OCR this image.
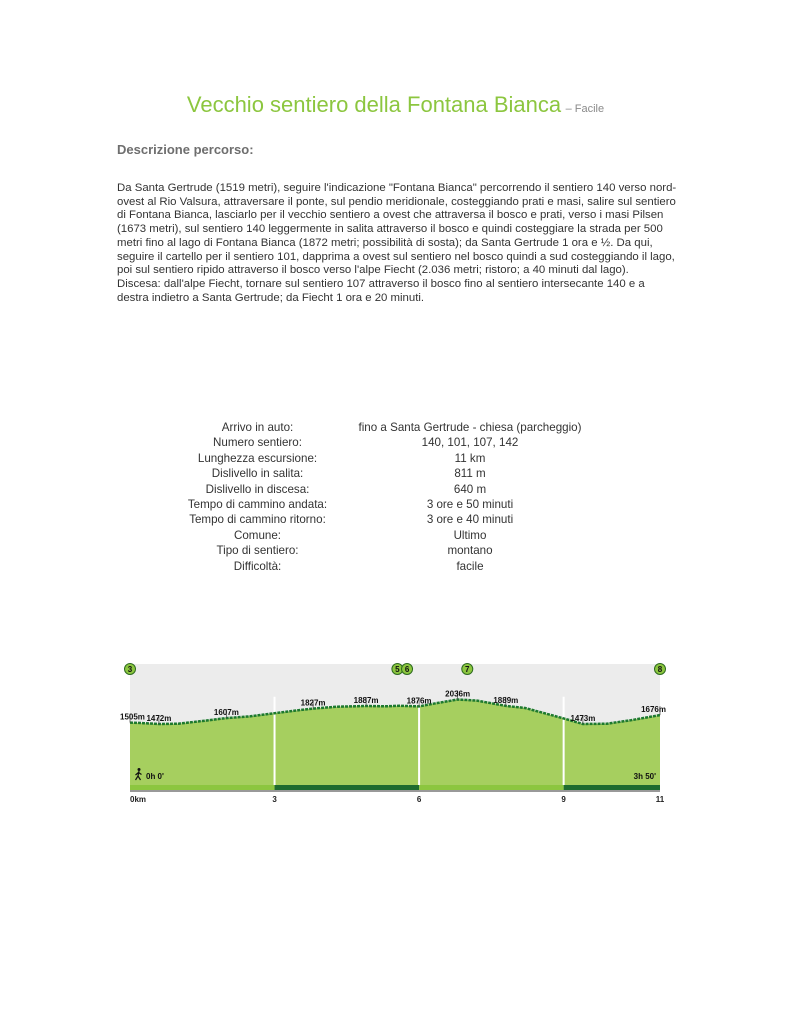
Vecchio sentiero della Fontana Bianca – Facile
Descrizione percorso:

Da Santa Gertrude (1519 metri), seguire l'indicazione "Fontana Bianca" percorrendo il sentiero 140 verso nord-ovest al Rio Valsura, attraversare il ponte, sul pendio meridionale, costeggiando prati e masi, salire sul sentiero di Fontana Bianca, lasciarlo per il vecchio sentiero a ovest che attraversa il bosco e prati, verso i masi Pilsen (1673 metri), sul sentiero 140 leggermente in salita attraverso il bosco e quindi costeggiare la strada per 500 metri fino al lago di Fontana Bianca (1872 metri; possibilità di sosta); da Santa Gertrude 1 ora e ½. Da qui, seguire il cartello per il sentiero 101, dapprima a ovest sul sentiero nel bosco quindi a sud costeggiando il lago, poi sul sentiero ripido attraverso il bosco verso l'alpe Fiecht (2.036 metri; ristoro; a 40 minuti dal lago).

Discesa: dall'alpe Fiecht, tornare sul sentiero 107 attraverso il bosco fino al sentiero intersecante 140 e a destra indietro a Santa Gertrude; da Fiecht 1 ora e 20 minuti.

Arrivo in auto:	fino a Santa Gertrude - chiesa (parcheggio)
Numero sentiero:	140, 101, 107, 142
Lunghezza escursione:	11 km
Dislivello in salita:	811 m
Dislivello in discesa:	640 m
Tempo di cammino andata:	3 ore e 50 minuti
Tempo di cammino ritorno:	3 ore e 40 minuti
Comune:	Ultimo
Tipo di sentiero:	montano
Difficoltà:	facile
0km	3	6	9	11
1505m 1472m
1607m
1827m	1887m	1876m
2036m
1889m
1473m
1676m
3	5 6	7	8
0h 0'	3h 50'
